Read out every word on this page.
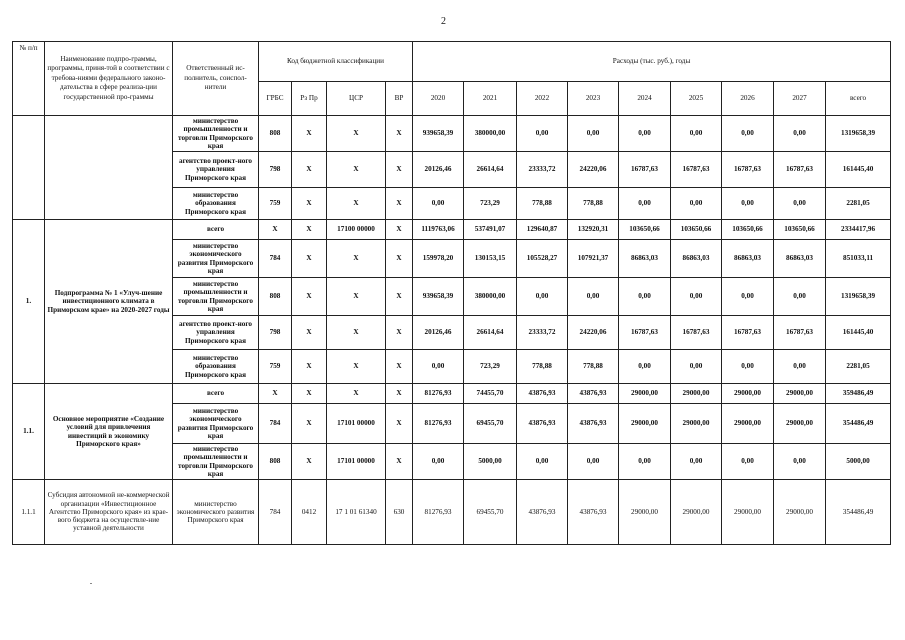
2
№ п/п	Наименование подпро-граммы, программы, приня-той в соответствии с требова-ниями федерального законо-дательства в сфере реализа-ции государственной про-граммы	Ответственный ис-полнитель, соиспол-нители	Код бюджетной классификации				Расходы (тыс. руб.), годы								
			ГРБС	Рз Пр	ЦСР	ВР	2020	2021	2022	2023	2024	2025	2026	2027	всего
		министерство промышленности и торговли Приморского края	808	X	X	X	939658,39	380000,00	0,00	0,00	0,00	0,00	0,00	0,00	1319658,39
		агентство проект-ного управления Приморского края	798	X	X	X	20126,46	26614,64	23333,72	24220,06	16787,63	16787,63	16787,63	16787,63	161445,40
		министерство образования Приморского края	759	X	X	X	0,00	723,29	778,88	778,88	0,00	0,00	0,00	0,00	2281,05
1.	Подпрограмма № 1 «Улуч-шение инвестиционного климата в Приморском крае» на 2020-2027 годы	всего	X	X	17100 00000	X	1119763,06	537491,07	129640,87	132920,31	103650,66	103650,66	103650,66	103650,66	2334417,96
		министерство экономического развития Приморского края	784	X	X	X	159978,20	130153,15	105528,27	107921,37	86863,03	86863,03	86863,03	86863,03	851033,11
		министерство промышленности и торговли Приморского края	808	X	X	X	939658,39	380000,00	0,00	0,00	0,00	0,00	0,00	0,00	1319658,39
		агентство проект-ного управления Приморского края	798	X	X	X	20126,46	26614,64	23333,72	24220,06	16787,63	16787,63	16787,63	16787,63	161445,40
		министерство образования Приморского края	759	X	X	X	0,00	723,29	778,88	778,88	0,00	0,00	0,00	0,00	2281,05
1.1.	Основное мероприятие «Создание условий для привлечения инвестиций в экономику Приморского края»	всего	X	X	X	X	81276,93	74455,70	43876,93	43876,93	29000,00	29000,00	29000,00	29000,00	359486,49
		министерство экономического развития Приморского края	784	X	17101 00000	X	81276,93	69455,70	43876,93	43876,93	29000,00	29000,00	29000,00	29000,00	354486,49
		министерство промышленности и торговли Приморского края	808	X	17101 00000	X	0,00	5000,00	0,00	0,00	0,00	0,00	0,00	0,00	5000,00
1.1.1	Субсидия автономной не-коммерческой организации «Инвестиционное Агентство Приморского края» из крае-вого бюджета на осуществле-ние уставной деятельности	министерство экономического развития Приморского края	784	0412	17 1 01 61340	630	81276,93	69455,70	43876,93	43876,93	29000,00	29000,00	29000,00	29000,00	354486,49
